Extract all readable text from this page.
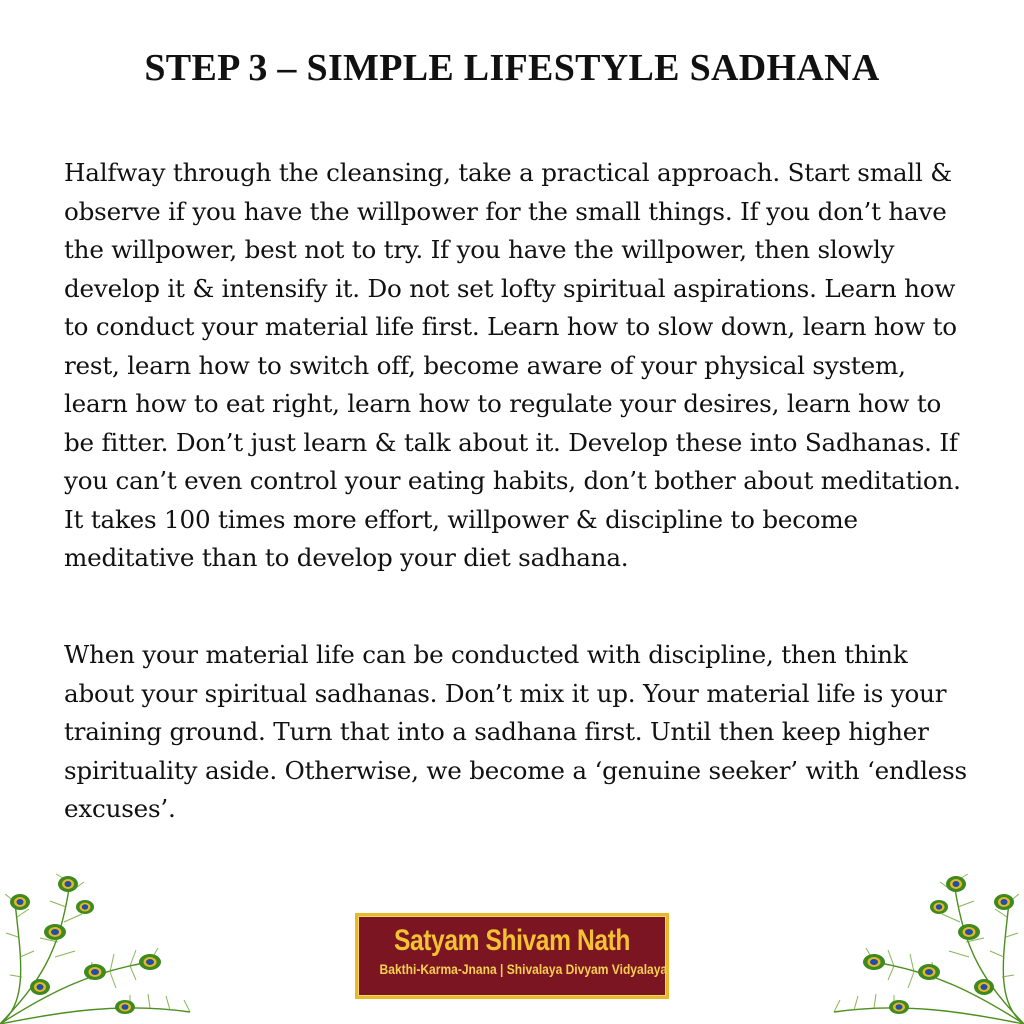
STEP 3 – SIMPLE LIFESTYLE SADHANA

Halfway through the cleansing, take a practical approach. Start small & observe if you have the willpower for the small things. If you don’t have the willpower, best not to try. If you have the willpower, then slowly develop it & intensify it. Do not set lofty spiritual aspirations. Learn how to conduct your material life first. Learn how to slow down, learn how to rest, learn how to switch off, become aware of your physical system, learn how to eat right, learn how to regulate your desires, learn how to be fitter. Don’t just learn & talk about it. Develop these into Sadhanas. If you can’t even control your eating habits, don’t bother about meditation. It takes 100 times more effort, willpower & discipline to become meditative than to develop your diet sadhana.

When your material life can be conducted with discipline, then think about your spiritual sadhanas. Don’t mix it up. Your material life is your training ground. Turn that into a sadhana first. Until then keep higher spirituality aside. Otherwise, we become a ‘genuine seeker’ with ‘endless excuses’.

Satyam Shivam Nath
Bakthi-Karma-Jnana | Shivalaya Divyam Vidyalaya
